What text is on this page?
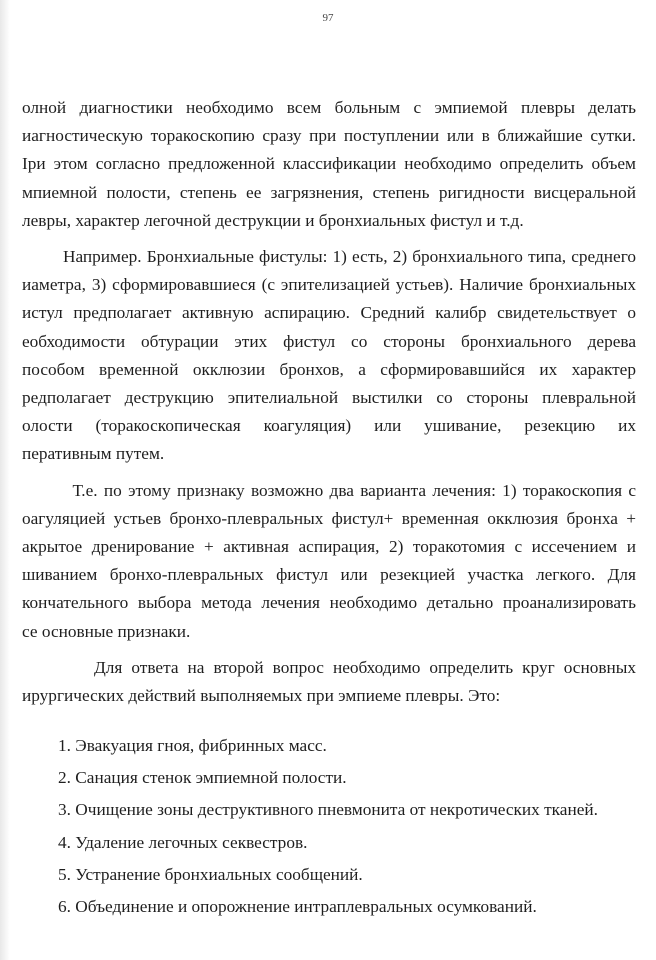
97
олной диагностики необходимо всем больным с эмпиемой плевры делать
иагностическую торакоскопию сразу при поступлении или в ближайшие сутки.
Іри этом согласно предложенной классификации необходимо определить объем
мпиемной полости, степень ее загрязнения, степень ригидности висцеральной
левры, характер легочной деструкции и бронхиальных фистул и т.д.
Например. Бронхиальные фистулы: 1) есть, 2) бронхиального типа, среднего
иаметра, 3) сформировавшиеся (с эпителизацией устьев). Наличие бронхиальных
истул предполагает активную аспирацию. Средний калибр свидетельствует о
еобходимости обтурации этих фистул со стороны бронхиального дерева
пособом временной окклюзии бронхов, а сформировавшийся их характер
редполагает деструкцию эпителиальной выстилки со стороны плевральной
олости (торакоскопическая коагуляция) или ушивание, резекцию их
перативным путем.
Т.е. по этому признаку возможно два варианта лечения: 1) торакоскопия с
оагуляцией устьев бронхо-плевральных фистул+ временная окклюзия бронха +
акрытое дренирование + активная аспирация, 2) торакотомия с иссечением и
шиванием бронхо-плевральных фистул или резекцией участка легкого. Для
кончательного выбора метода лечения необходимо детально проанализировать
се основные признаки.
Для ответа на второй вопрос необходимо определить круг основных
ирургических действий выполняемых при эмпиеме плевры. Это:
1. Эвакуация гноя, фибринных масс.
2. Санация стенок эмпиемной полости.
3. Очищение зоны деструктивного пневмонита от некротических тканей.
4. Удаление легочных секвестров.
5. Устранение бронхиальных сообщений.
6. Объединение и опорожнение интраплевральных осумкований.
